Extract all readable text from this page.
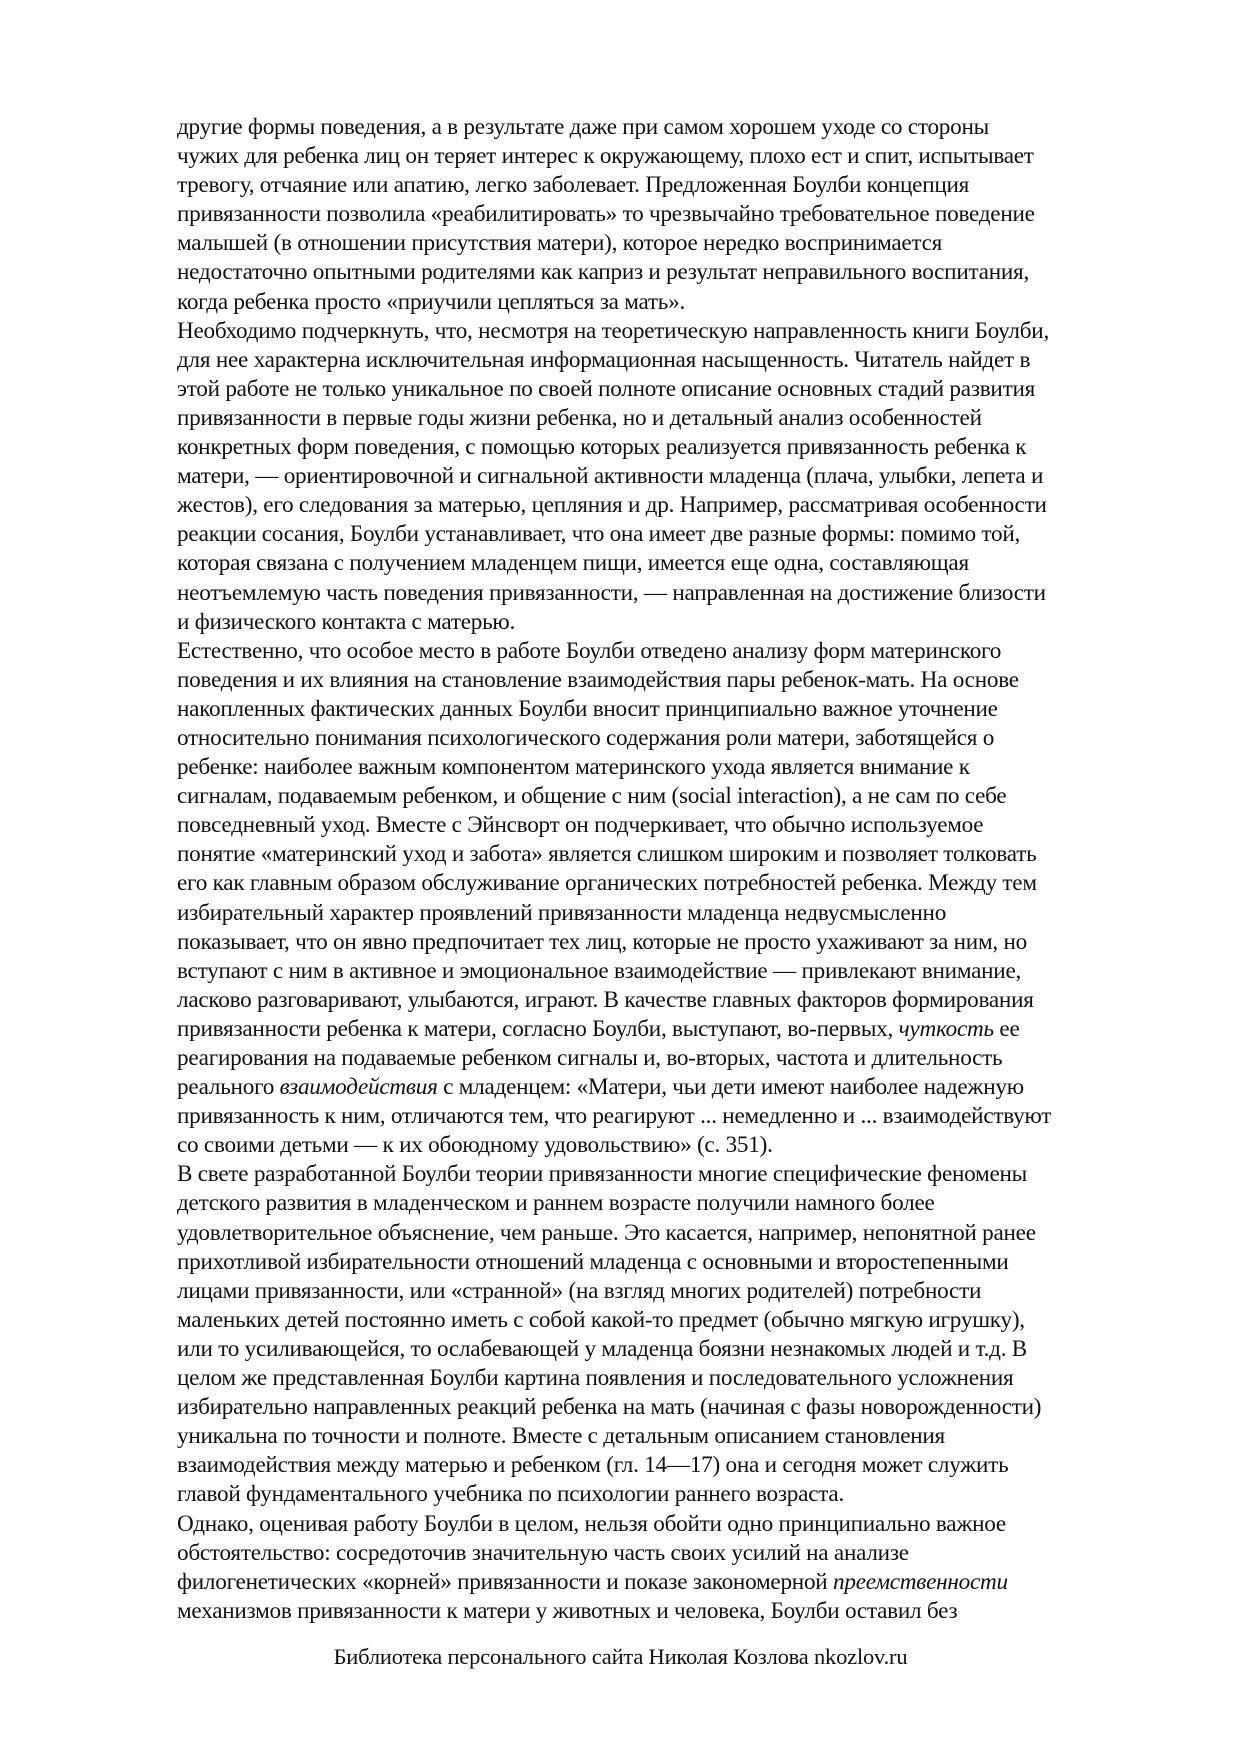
другие формы поведения, а в результате даже при самом хорошем уходе со стороны
чужих для ребенка лиц он теряет интерес к окружающему, плохо ест и спит, испытывает
тревогу, отчаяние или апатию, легко заболевает. Предложенная Боулби концепция
привязанности позволила «реабилитировать» то чрезвычайно требовательное поведение
малышей (в отношении присутствия матери), которое нередко воспринимается
недостаточно опытными родителями как каприз и результат неправильного воспитания,
когда ребенка просто «приучили цепляться за мать».
Необходимо подчеркнуть, что, несмотря на теоретическую направленность книги Боулби,
для нее характерна исключительная информационная насыщенность. Читатель найдет в
этой работе не только уникальное по своей полноте описание основных стадий развития
привязанности в первые годы жизни ребенка, но и детальный анализ особенностей
конкретных форм поведения, с помощью которых реализуется привязанность ребенка к
матери, — ориентировочной и сигнальной активности младенца (плача, улыбки, лепета и
жестов), его следования за матерью, цепляния и др. Например, рассматривая особенности
реакции сосания, Боулби устанавливает, что она имеет две разные формы: помимо той,
которая связана с получением младенцем пищи, имеется еще одна, составляющая
неотъемлемую часть поведения привязанности, — направленная на достижение близости
и физического контакта с матерью.
Естественно, что особое место в работе Боулби отведено анализу форм материнского
поведения и их влияния на становление взаимодействия пары ребенок-мать. На основе
накопленных фактических данных Боулби вносит принципиально важное уточнение
относительно понимания психологического содержания роли матери, заботящейся о
ребенке: наиболее важным компонентом материнского ухода является внимание к
сигналам, подаваемым ребенком, и общение с ним (social interaction), а не сам по себе
повседневный уход. Вместе с Эйнсворт он подчеркивает, что обычно используемое
понятие «материнский уход и забота» является слишком широким и позволяет толковать
его как главным образом обслуживание органических потребностей ребенка. Между тем
избирательный характер проявлений привязанности младенца недвусмысленно
показывает, что он явно предпочитает тех лиц, которые не просто ухаживают за ним, но
вступают с ним в активное и эмоциональное взаимодействие — привлекают внимание,
ласково разговаривают, улыбаются, играют. В качестве главных факторов формирования
привязанности ребенка к матери, согласно Боулби, выступают, во-первых, чуткость ее
реагирования на подаваемые ребенком сигналы и, во-вторых, частота и длительность
реального взаимодействия с младенцем: «Матери, чьи дети имеют наиболее надежную
привязанность к ним, отличаются тем, что реагируют ... немедленно и ... взаимодействуют
со своими детьми — к их обоюдному удовольствию» (с. 351).
В свете разработанной Боулби теории привязанности многие специфические феномены
детского развития в младенческом и раннем возрасте получили намного более
удовлетворительное объяснение, чем раньше. Это касается, например, непонятной ранее
прихотливой избирательности отношений младенца с основными и второстепенными
лицами привязанности, или «странной» (на взгляд многих родителей) потребности
маленьких детей постоянно иметь с собой какой-то предмет (обычно мягкую игрушку),
или то усиливающейся, то ослабевающей у младенца боязни незнакомых людей и т.д. В
целом же представленная Боулби картина появления и последовательного усложнения
избирательно направленных реакций ребенка на мать (начиная с фазы новорожденности)
уникальна по точности и полноте. Вместе с детальным описанием становления
взаимодействия между матерью и ребенком (гл. 14—17) она и сегодня может служить
главой фундаментального учебника по психологии раннего возраста.
Однако, оценивая работу Боулби в целом, нельзя обойти одно принципиально важное
обстоятельство: сосредоточив значительную часть своих усилий на анализе
филогенетических «корней» привязанности и показе закономерной преемственности
механизмов привязанности к матери у животных и человека, Боулби оставил без
Библиотека персонального сайта Николая Козлова nkozlov.ru
